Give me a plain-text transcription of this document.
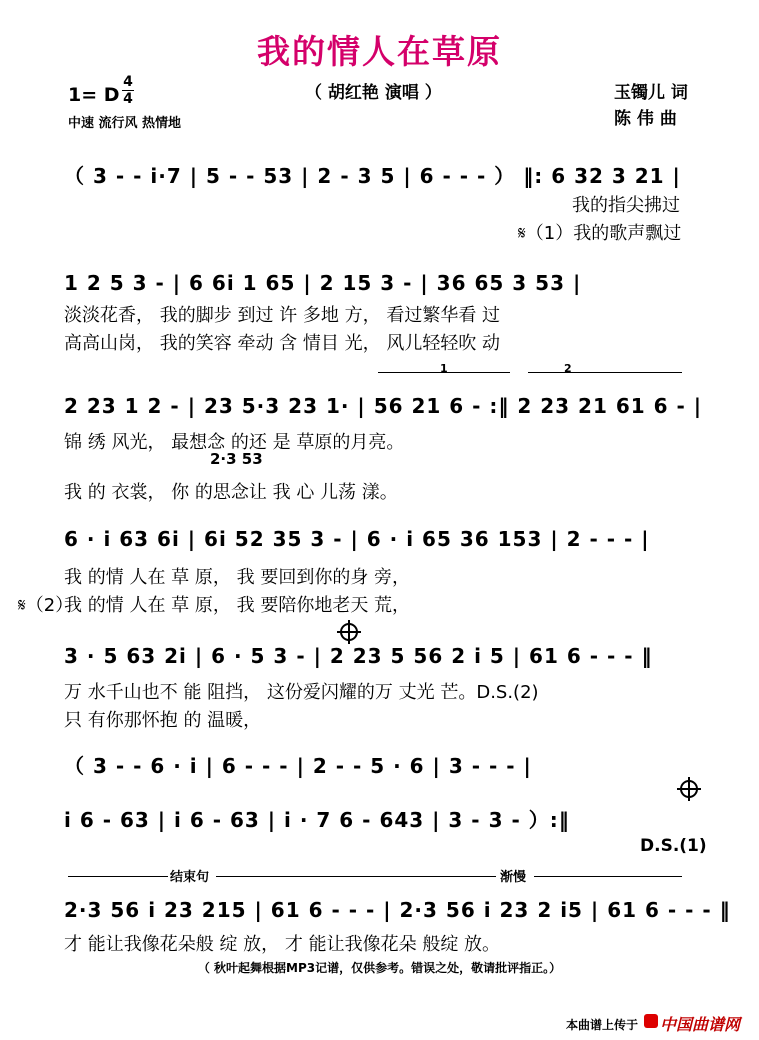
我的情人在草原
（ 胡红艳 演唱 ）
1= D
4
4
中速 流行风 热情地
玉镯儿 词
陈 伟 曲
（ 3 - - i·7 | 5 - - 53 | 2 - 3 5 | 6 - - - ） ‖: 6 32 3 21 |
我的指尖拂过
𝄋（1）我的歌声飘过
1 2 5 3 - | 6 6i 1 65 | 2 15 3 - | 36 65 3 53 |
淡淡花香， 我的脚步 到过 许 多地 方， 看过繁华看 过
高高山岗， 我的笑容 牵动 含 情目 光， 风儿轻轻吹 动
1	2
2 23 1 2 - | 23 5·3 23 1· | 56 21 6 - :‖ 2 23 21 61 6 - |
锦 绣 风光， 最想念 的还 是 草原的月亮。
2·3 53
我 的 衣裳， 你 的思念让 我 心 儿荡 漾。
6 · i 63 6i | 6i 52 35 3 - | 6 · i 65 36 153 | 2 - - - |
我 的情 人在 草 原， 我 要回到你的身 旁，
𝄋（2）
我 的情 人在 草 原， 我 要陪你地老天 荒，
3 · 5 63 2i | 6 · 5 3 - | 2 23 5 56 2 i 5 | 61 6 - - - ‖
万 水千山也不 能 阻挡， 这份爱闪耀的万 丈光 芒。D.S.(2)
只 有你那怀抱 的 温暖，
（ 3 - - 6 · i | 6 - - - | 2 - - 5 · 6 | 3 - - - |
i 6 - 63 | i 6 - 63 | i · 7 6 - 643 | 3 - 3 - ）:‖
D.S.(1)
结束句	渐慢
2·3 56 i 23 215 | 61 6 - - - | 2·3 56 i 23 2 i5 | 61 6 - - - ‖
才 能让我像花朵般 绽 放， 才 能让我像花朵 般绽 放。
（ 秋叶起舞根据MP3记谱，仅供参考。错误之处，敬请批评指正。）
本曲谱上传于 中国曲谱网
